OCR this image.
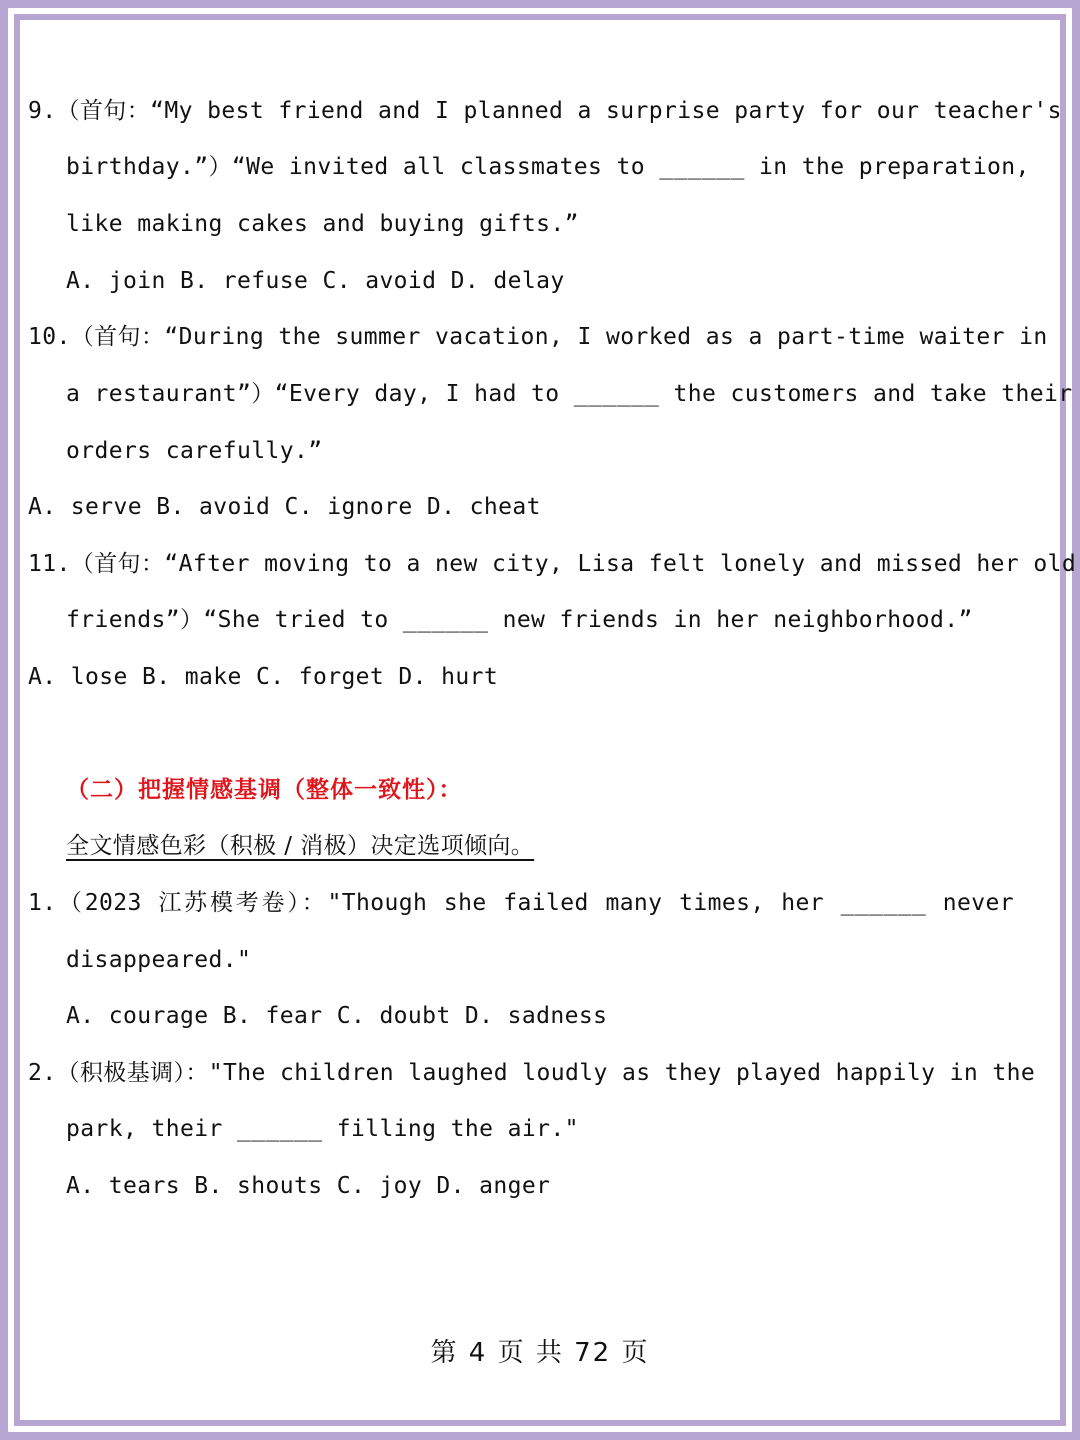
9.（首句：“My best friend and I planned a surprise party for our teacher's
birthday.”）“We invited all classmates to ______ in the preparation,
like making cakes and buying gifts.”
A. join B. refuse C. avoid D. delay
10.（首句：“During the summer vacation, I worked as a part-time waiter in
a restaurant”）“Every day, I had to ______ the customers and take their
orders carefully.”
A. serve B. avoid C. ignore D. cheat
11.（首句：“After moving to a new city, Lisa felt lonely and missed her old
friends”）“She tried to ______ new friends in her neighborhood.”
A. lose B. make C. forget D. hurt
（二）把握情感基调（整体一致性）：
全文情感色彩（积极 / 消极）决定选项倾向。
1.（2023 江苏模考卷）："Though she failed many times, her ______ never
disappeared."
A. courage B. fear C. doubt D. sadness
2.（积极基调）："The children laughed loudly as they played happily in the
park, their ______ filling the air."
A. tears B. shouts C. joy D. anger
第 4 页 共 72 页
